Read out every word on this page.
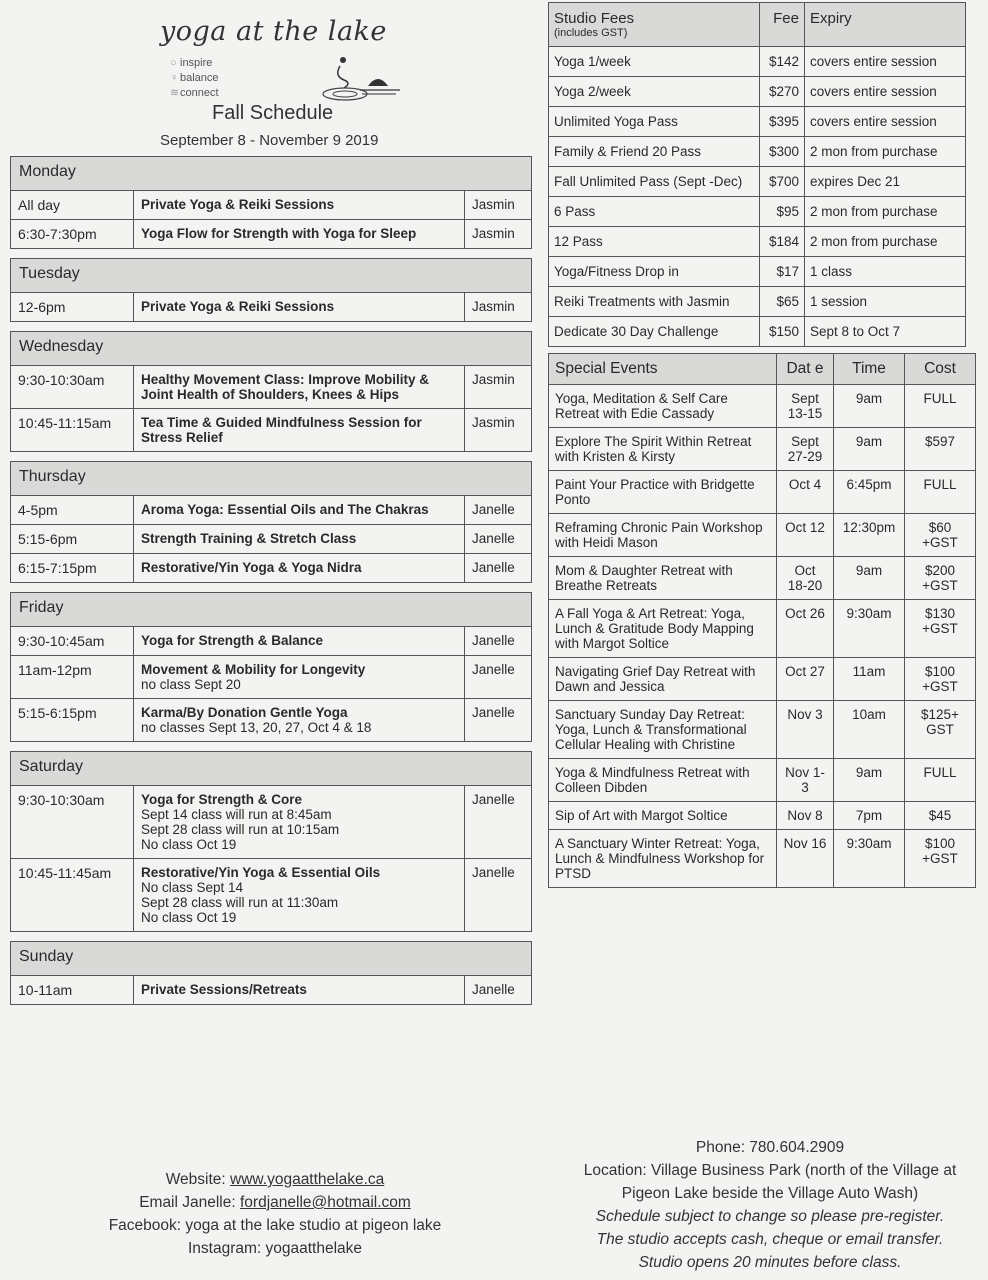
yoga at the lake
○ inspire
♀ balance
≋connect
Fall Schedule
September 8 - November 9 2019
Monday		
All day	Private Yoga & Reiki Sessions	Jasmin
6:30-7:30pm	Yoga Flow for Strength with Yoga for Sleep	Jasmin
Tuesday
12-6pm	Private Yoga & Reiki Sessions	Jasmin
Wednesday		
9:30-10:30am	Healthy Movement Class: Improve Mobility & Joint Health of Shoulders, Knees & Hips	Jasmin
10:45-11:15am	Tea Time & Guided Mindfulness Session for Stress Relief	Jasmin
Thursday		
4-5pm	Aroma Yoga: Essential Oils and The Chakras	Janelle
5:15-6pm	Strength Training & Stretch Class	Janelle
6:15-7:15pm	Restorative/Yin Yoga & Yoga Nidra	Janelle
Friday		
9:30-10:45am	Yoga for Strength & Balance	Janelle
11am-12pm	Movement & Mobility for Longevity
no class Sept 20	Janelle
5:15-6:15pm	Karma/By Donation Gentle Yoga
no classes Sept 13, 20, 27, Oct 4 & 18	Janelle
Saturday		
9:30-10:30am	Yoga for Strength & Core
Sept 14 class will run at 8:45am
Sept 28 class will run at 10:15am
No class Oct 19	Janelle
10:45-11:45am	Restorative/Yin Yoga & Essential Oils
No class Sept 14
Sept 28 class will run at 11:30am
No class Oct 19	Janelle
Sunday
10-11am	Private Sessions/Retreats	Janelle
Studio Fees
(includes GST)	Fee	Expiry
Yoga 1/week	$142	covers entire session
Yoga 2/week	$270	covers entire session
Unlimited Yoga Pass	$395	covers entire session
Family & Friend 20 Pass	$300	2 mon from purchase
Fall Unlimited Pass (Sept -Dec)	$700	expires Dec 21
6 Pass	$95	2 mon from purchase
12 Pass	$184	2 mon from purchase
Yoga/Fitness Drop in	$17	1 class
Reiki Treatments with Jasmin	$65	1 session
Dedicate 30 Day Challenge	$150	Sept 8 to Oct 7
Special Events	Dat e	Time	Cost
Yoga, Meditation & Self Care Retreat with Edie Cassady	Sept 13-15	9am	FULL
Explore The Spirit Within Retreat with Kristen & Kirsty	Sept 27-29	9am	$597
Paint Your Practice with Bridgette Ponto	Oct 4	6:45pm	FULL
Reframing Chronic Pain Workshop with Heidi Mason	Oct 12	12:30pm	$60 +GST
Mom & Daughter Retreat with Breathe Retreats	Oct 18-20	9am	$200 +GST
A Fall Yoga & Art Retreat: Yoga, Lunch & Gratitude Body Mapping with Margot Soltice	Oct 26	9:30am	$130 +GST
Navigating Grief Day Retreat with Dawn and Jessica	Oct 27	11am	$100 +GST
Sanctuary Sunday Day Retreat: Yoga, Lunch & Transformational Cellular Healing with Christine	Nov 3	10am	$125+ GST
Yoga & Mindfulness Retreat with Colleen Dibden	Nov 1-3	9am	FULL
Sip of Art with Margot Soltice	Nov 8	7pm	$45
A Sanctuary Winter Retreat: Yoga, Lunch & Mindfulness Workshop for PTSD	Nov 16	9:30am	$100 +GST
Website: www.yogaatthelake.ca
Email Janelle: fordjanelle@hotmail.com
Facebook: yoga at the lake studio at pigeon lake
Instagram: yogaatthelake
Phone: 780.604.2909
Location: Village Business Park (north of the Village at Pigeon Lake beside the Village Auto Wash)
Schedule subject to change so please pre-register.
The studio accepts cash, cheque or email transfer.
Studio opens 20 minutes before class.
